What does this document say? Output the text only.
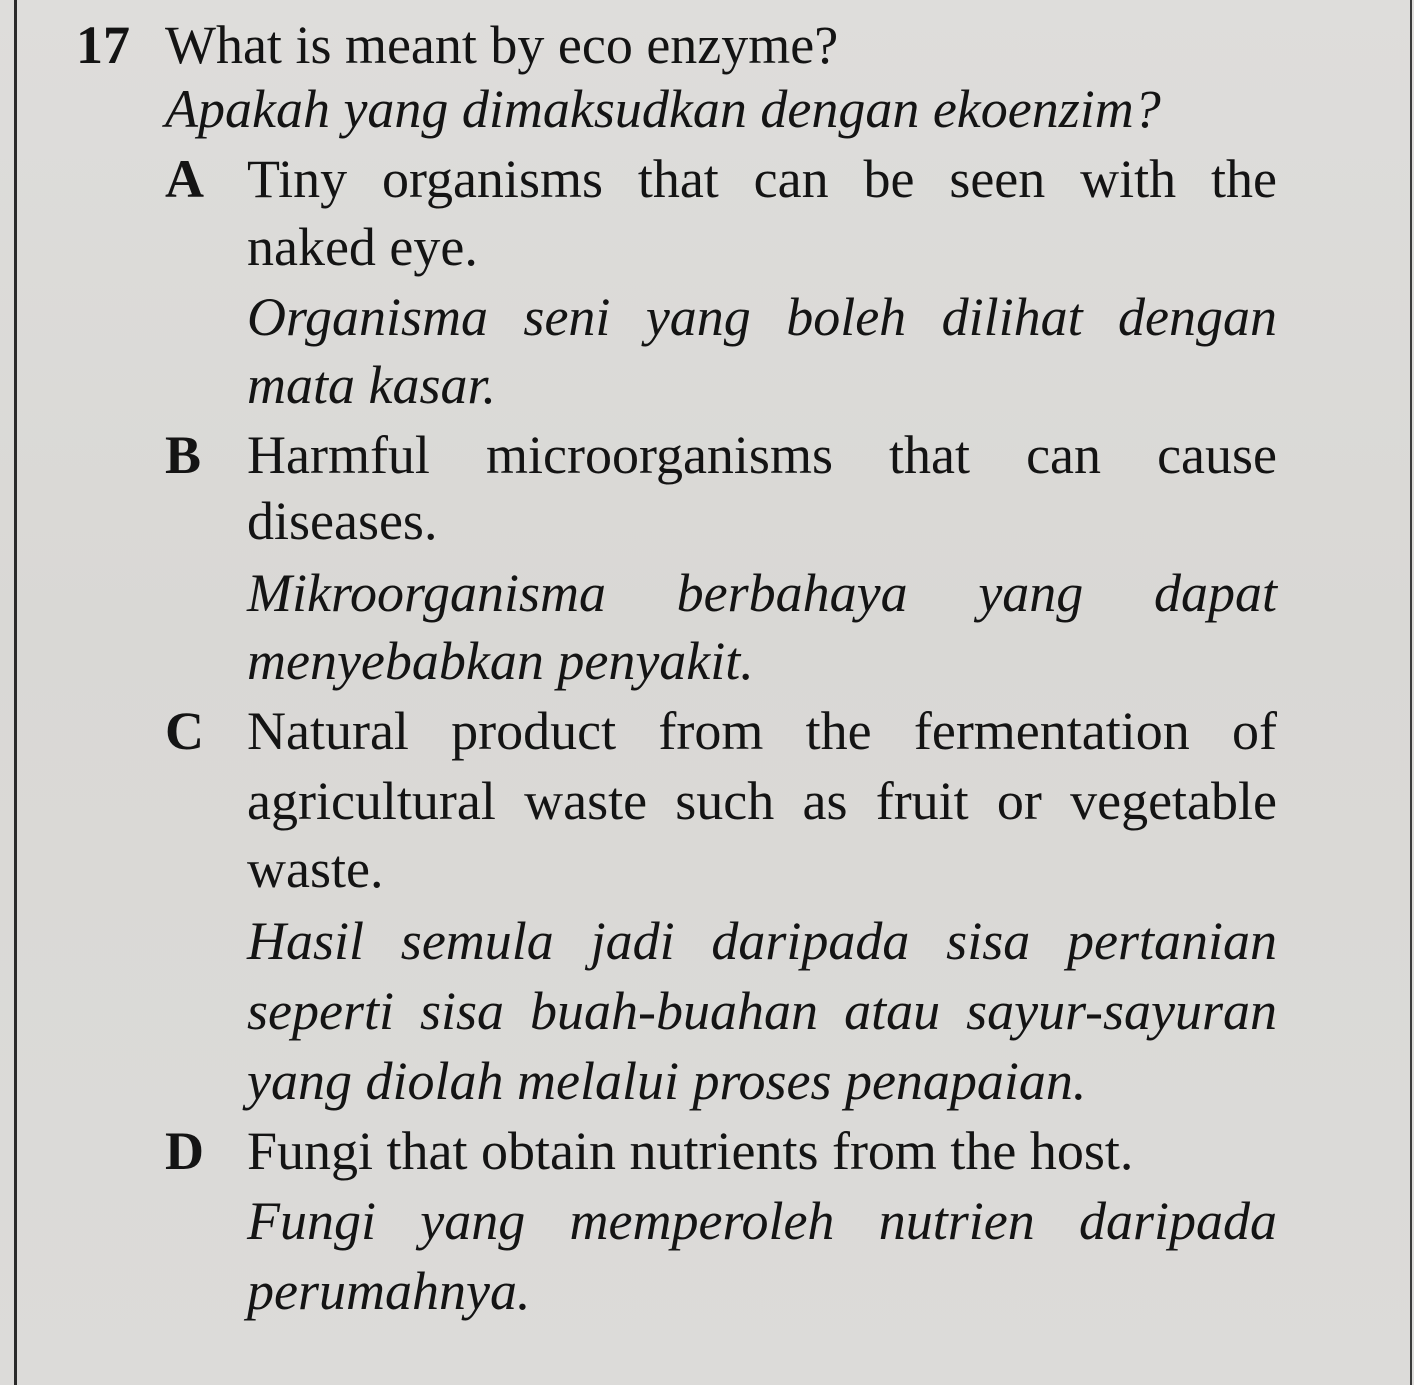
17 What is meant by eco enzyme?
Apakah yang dimaksudkan dengan ekoenzim?
A Tiny organisms that can be seen with the
naked eye.
Organisma seni yang boleh dilihat dengan
mata kasar.
B Harmful microorganisms that can cause
diseases.
Mikroorganisma berbahaya yang dapat
menyebabkan penyakit.
C Natural product from the fermentation of
agricultural waste such as fruit or vegetable
waste.
Hasil semula jadi daripada sisa pertanian
seperti sisa buah-buahan atau sayur-sayuran
yang diolah melalui proses penapaian.
D Fungi that obtain nutrients from the host.
Fungi yang memperoleh nutrien daripada
perumahnya.
